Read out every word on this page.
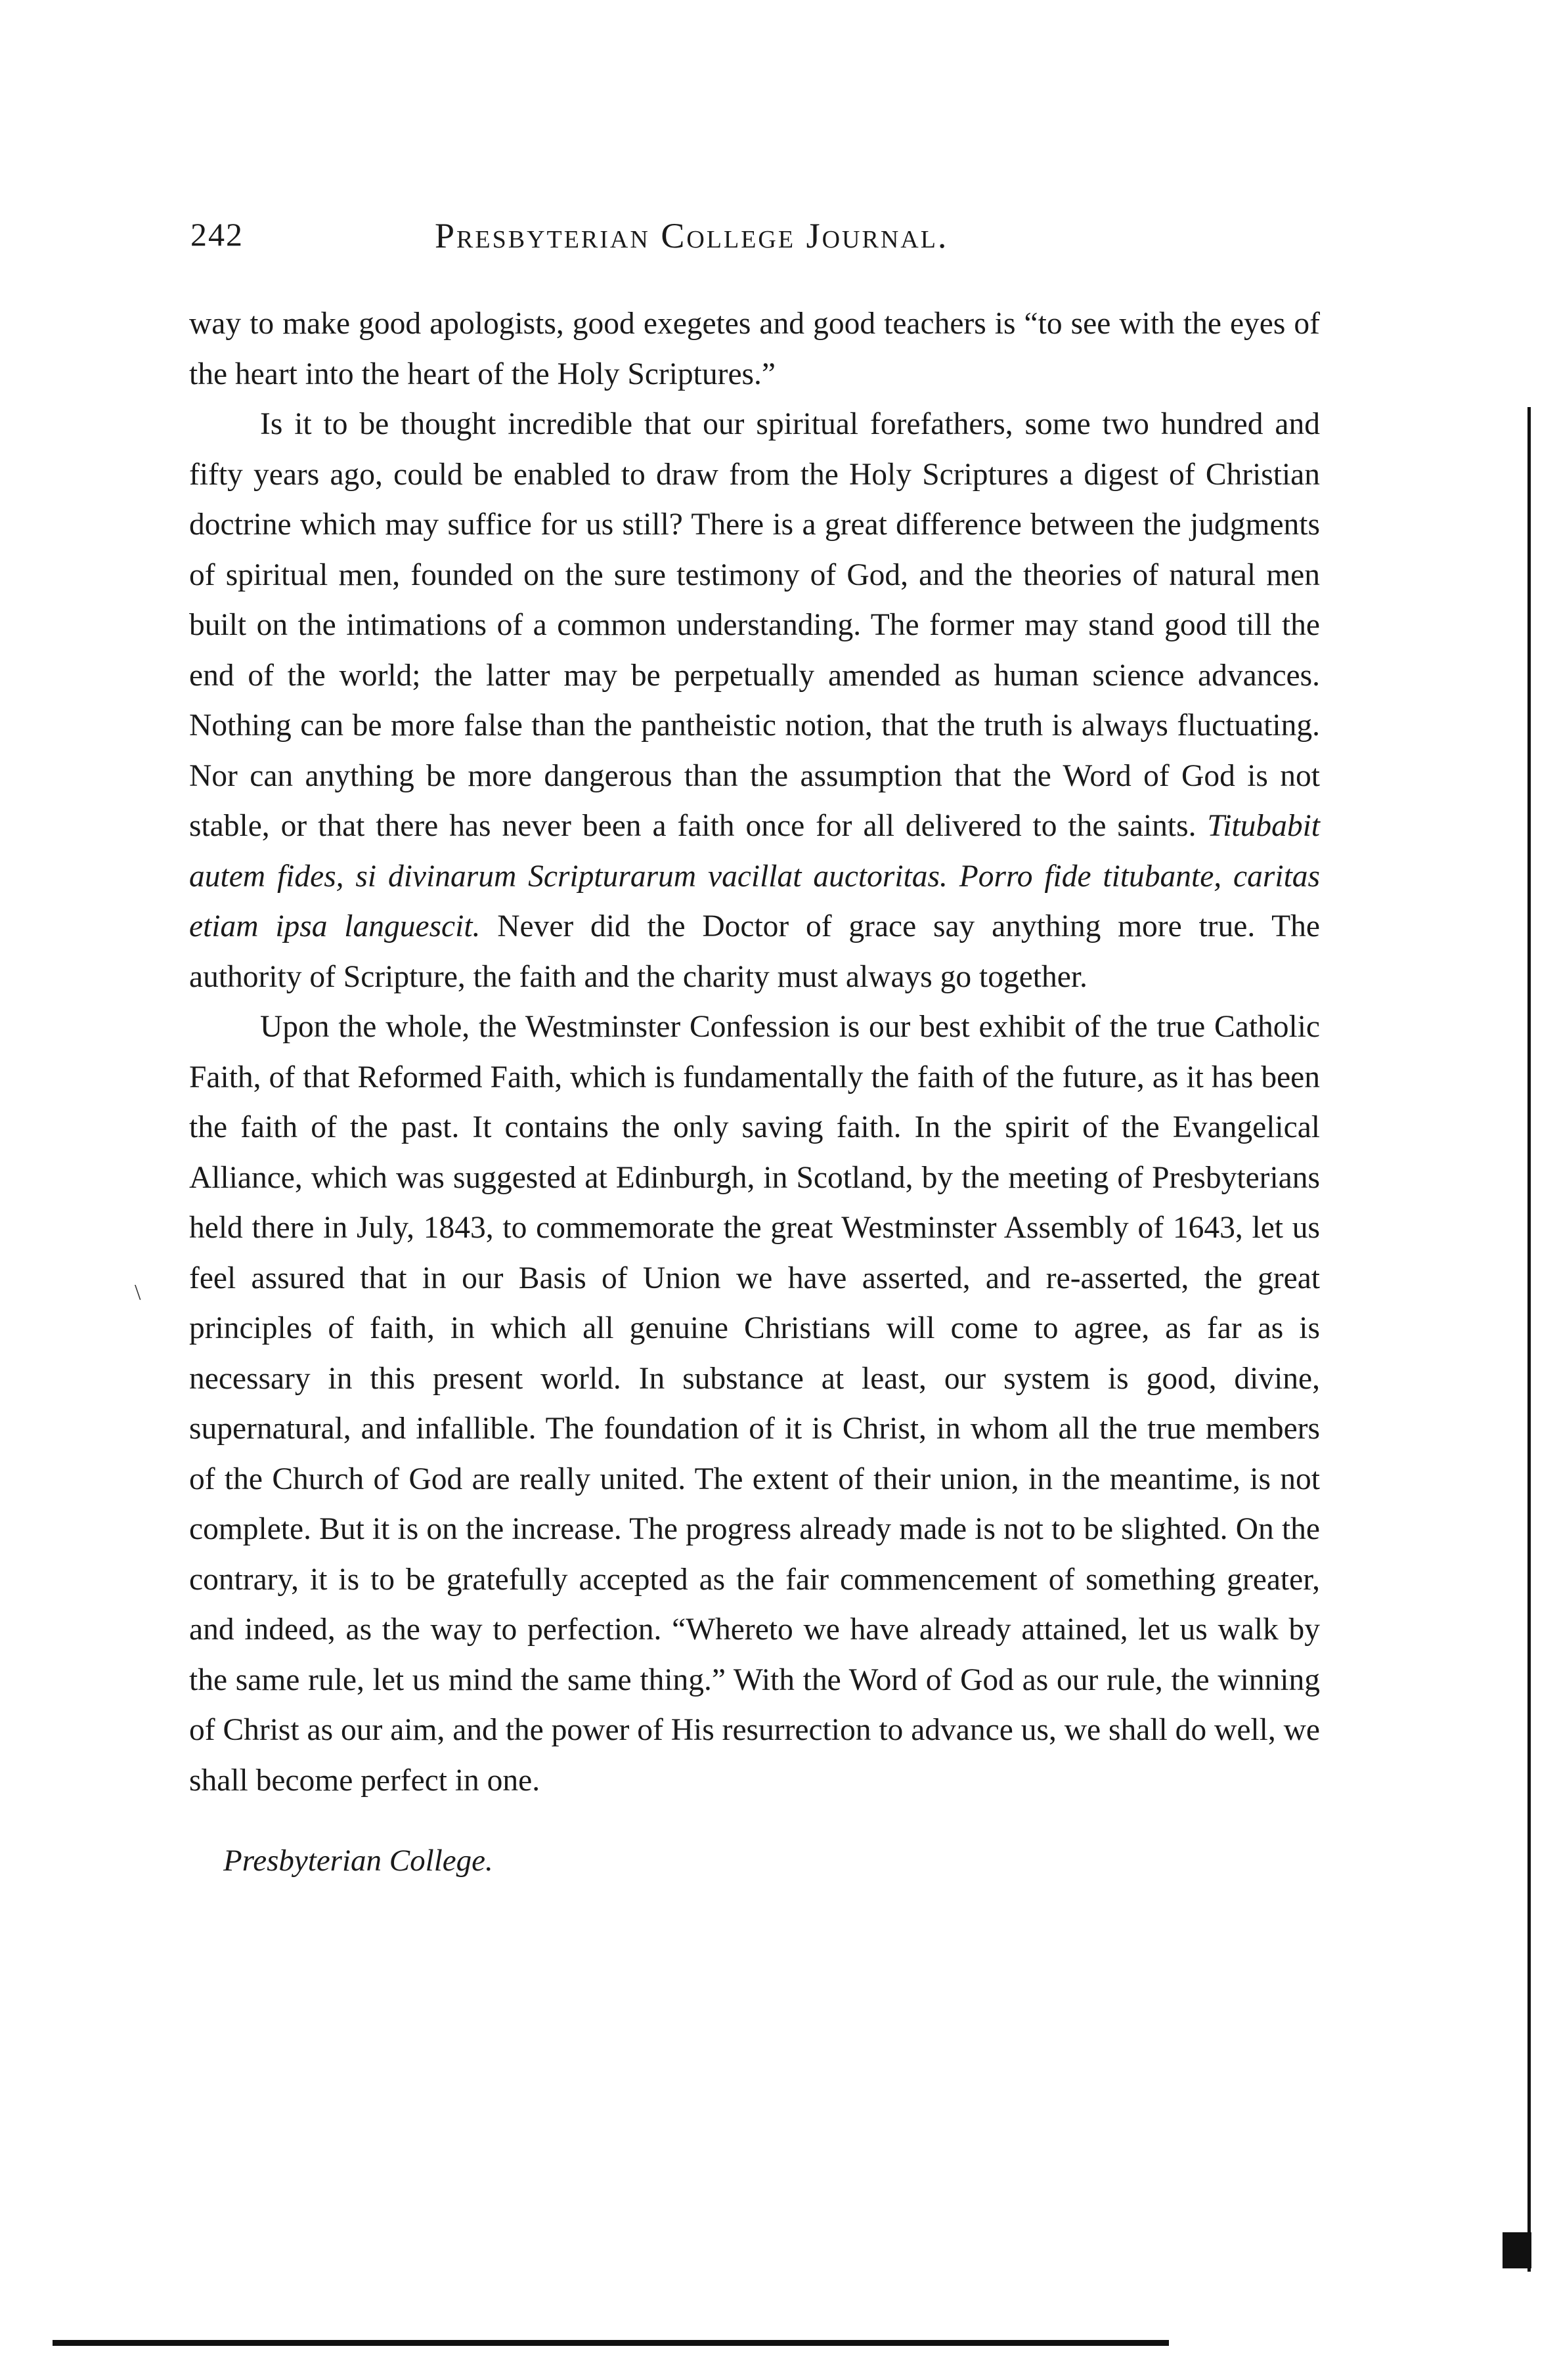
242	Presbyterian College Journal.
\

way to make good apologists, good exegetes and good teachers is “to see with the eyes of the heart into the heart of the Holy Scriptures.”

Is it to be thought incredible that our spiritual forefathers, some two hundred and fifty years ago, could be enabled to draw from the Holy Scriptures a digest of Christian doctrine which may suffice for us still? There is a great difference between the judgments of spiritual men, founded on the sure testimony of God, and the theories of natural men built on the intimations of a common understanding. The former may stand good till the end of the world; the latter may be perpetually amended as human science advances. Nothing can be more false than the pantheistic notion, that the truth is always fluctuating. Nor can anything be more dangerous than the assumption that the Word of God is not stable, or that there has never been a faith once for all delivered to the saints. Titubabit autem fides, si divinarum Scripturarum vacillat auctoritas. Porro fide titubante, caritas etiam ipsa languescit. Never did the Doctor of grace say anything more true. The authority of Scripture, the faith and the charity must always go together.

Upon the whole, the Westminster Confession is our best exhibit of the true Catholic Faith, of that Reformed Faith, which is fundamentally the faith of the future, as it has been the faith of the past. It contains the only saving faith. In the spirit of the Evangelical Alliance, which was suggested at Edinburgh, in Scotland, by the meeting of Presbyterians held there in July, 1843, to commemorate the great Westminster Assembly of 1643, let us feel assured that in our Basis of Union we have asserted, and re-asserted, the great principles of faith, in which all genuine Christians will come to agree, as far as is necessary in this present world. In substance at least, our system is good, divine, supernatural, and infallible. The foundation of it is Christ, in whom all the true members of the Church of God are really united. The extent of their union, in the meantime, is not complete. But it is on the increase. The progress already made is not to be slighted. On the contrary, it is to be gratefully accepted as the fair commencement of something greater, and indeed, as the way to perfection. “Whereto we have already attained, let us walk by the same rule, let us mind the same thing.” With the Word of God as our rule, the winning of Christ as our aim, and the power of His resurrection to advance us, we shall do well, we shall become perfect in one.

Presbyterian College.
